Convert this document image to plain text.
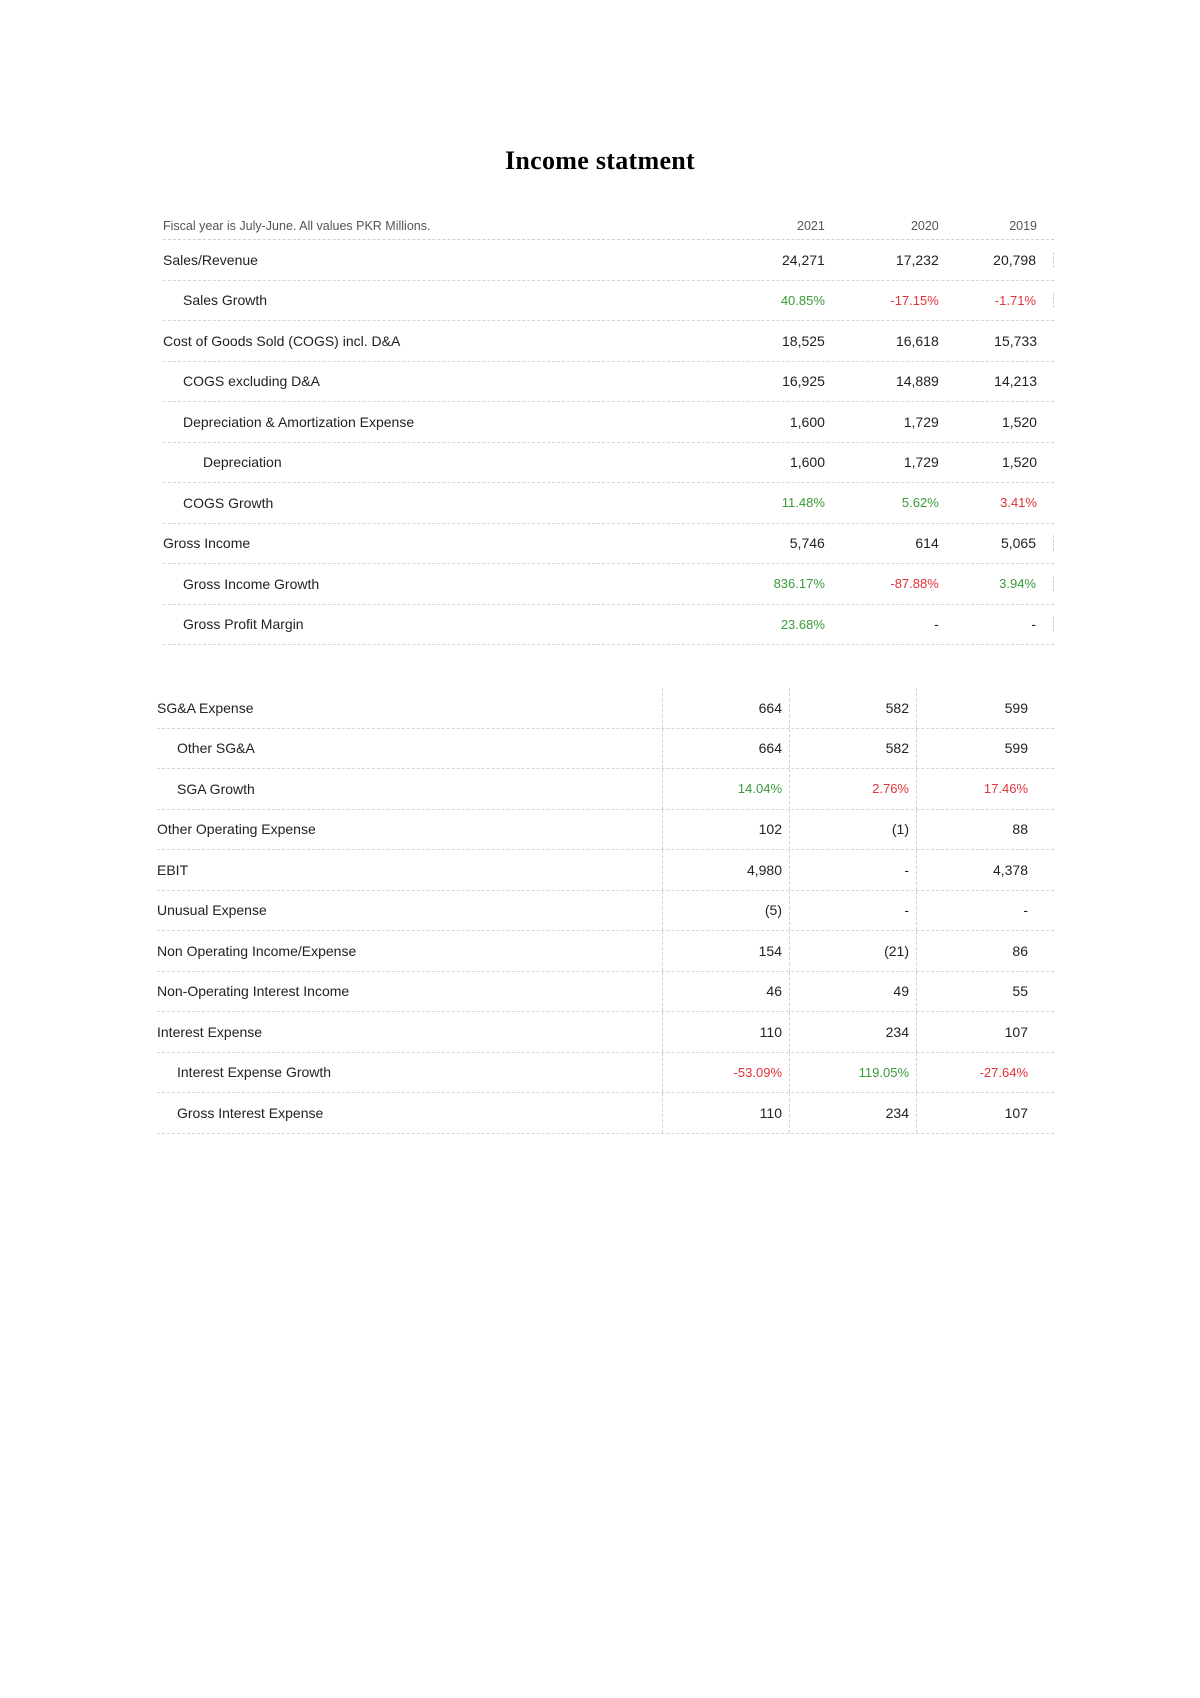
Income statment
Fiscal year is July-June. All values PKR Millions.	2021	2020	2019
Sales/Revenue	24,271	17,232	20,798
Sales Growth	40.85%	-17.15%	-1.71%
Cost of Goods Sold (COGS) incl. D&A	18,525	16,618	15,733
COGS excluding D&A	16,925	14,889	14,213
Depreciation & Amortization Expense	1,600	1,729	1,520
Depreciation	1,600	1,729	1,520
COGS Growth	11.48%	5.62%	3.41%
Gross Income	5,746	614	5,065
Gross Income Growth	836.17%	-87.88%	3.94%
Gross Profit Margin	23.68%	-	-
SG&A Expense	664	582	599
Other SG&A	664	582	599
SGA Growth	14.04%	2.76%	17.46%
Other Operating Expense	102	(1)	88
EBIT	4,980	-	4,378
Unusual Expense	(5)	-	-
Non Operating Income/Expense	154	(21)	86
Non-Operating Interest Income	46	49	55
Interest Expense	110	234	107
Interest Expense Growth	-53.09%	119.05%	-27.64%
Gross Interest Expense	110	234	107
